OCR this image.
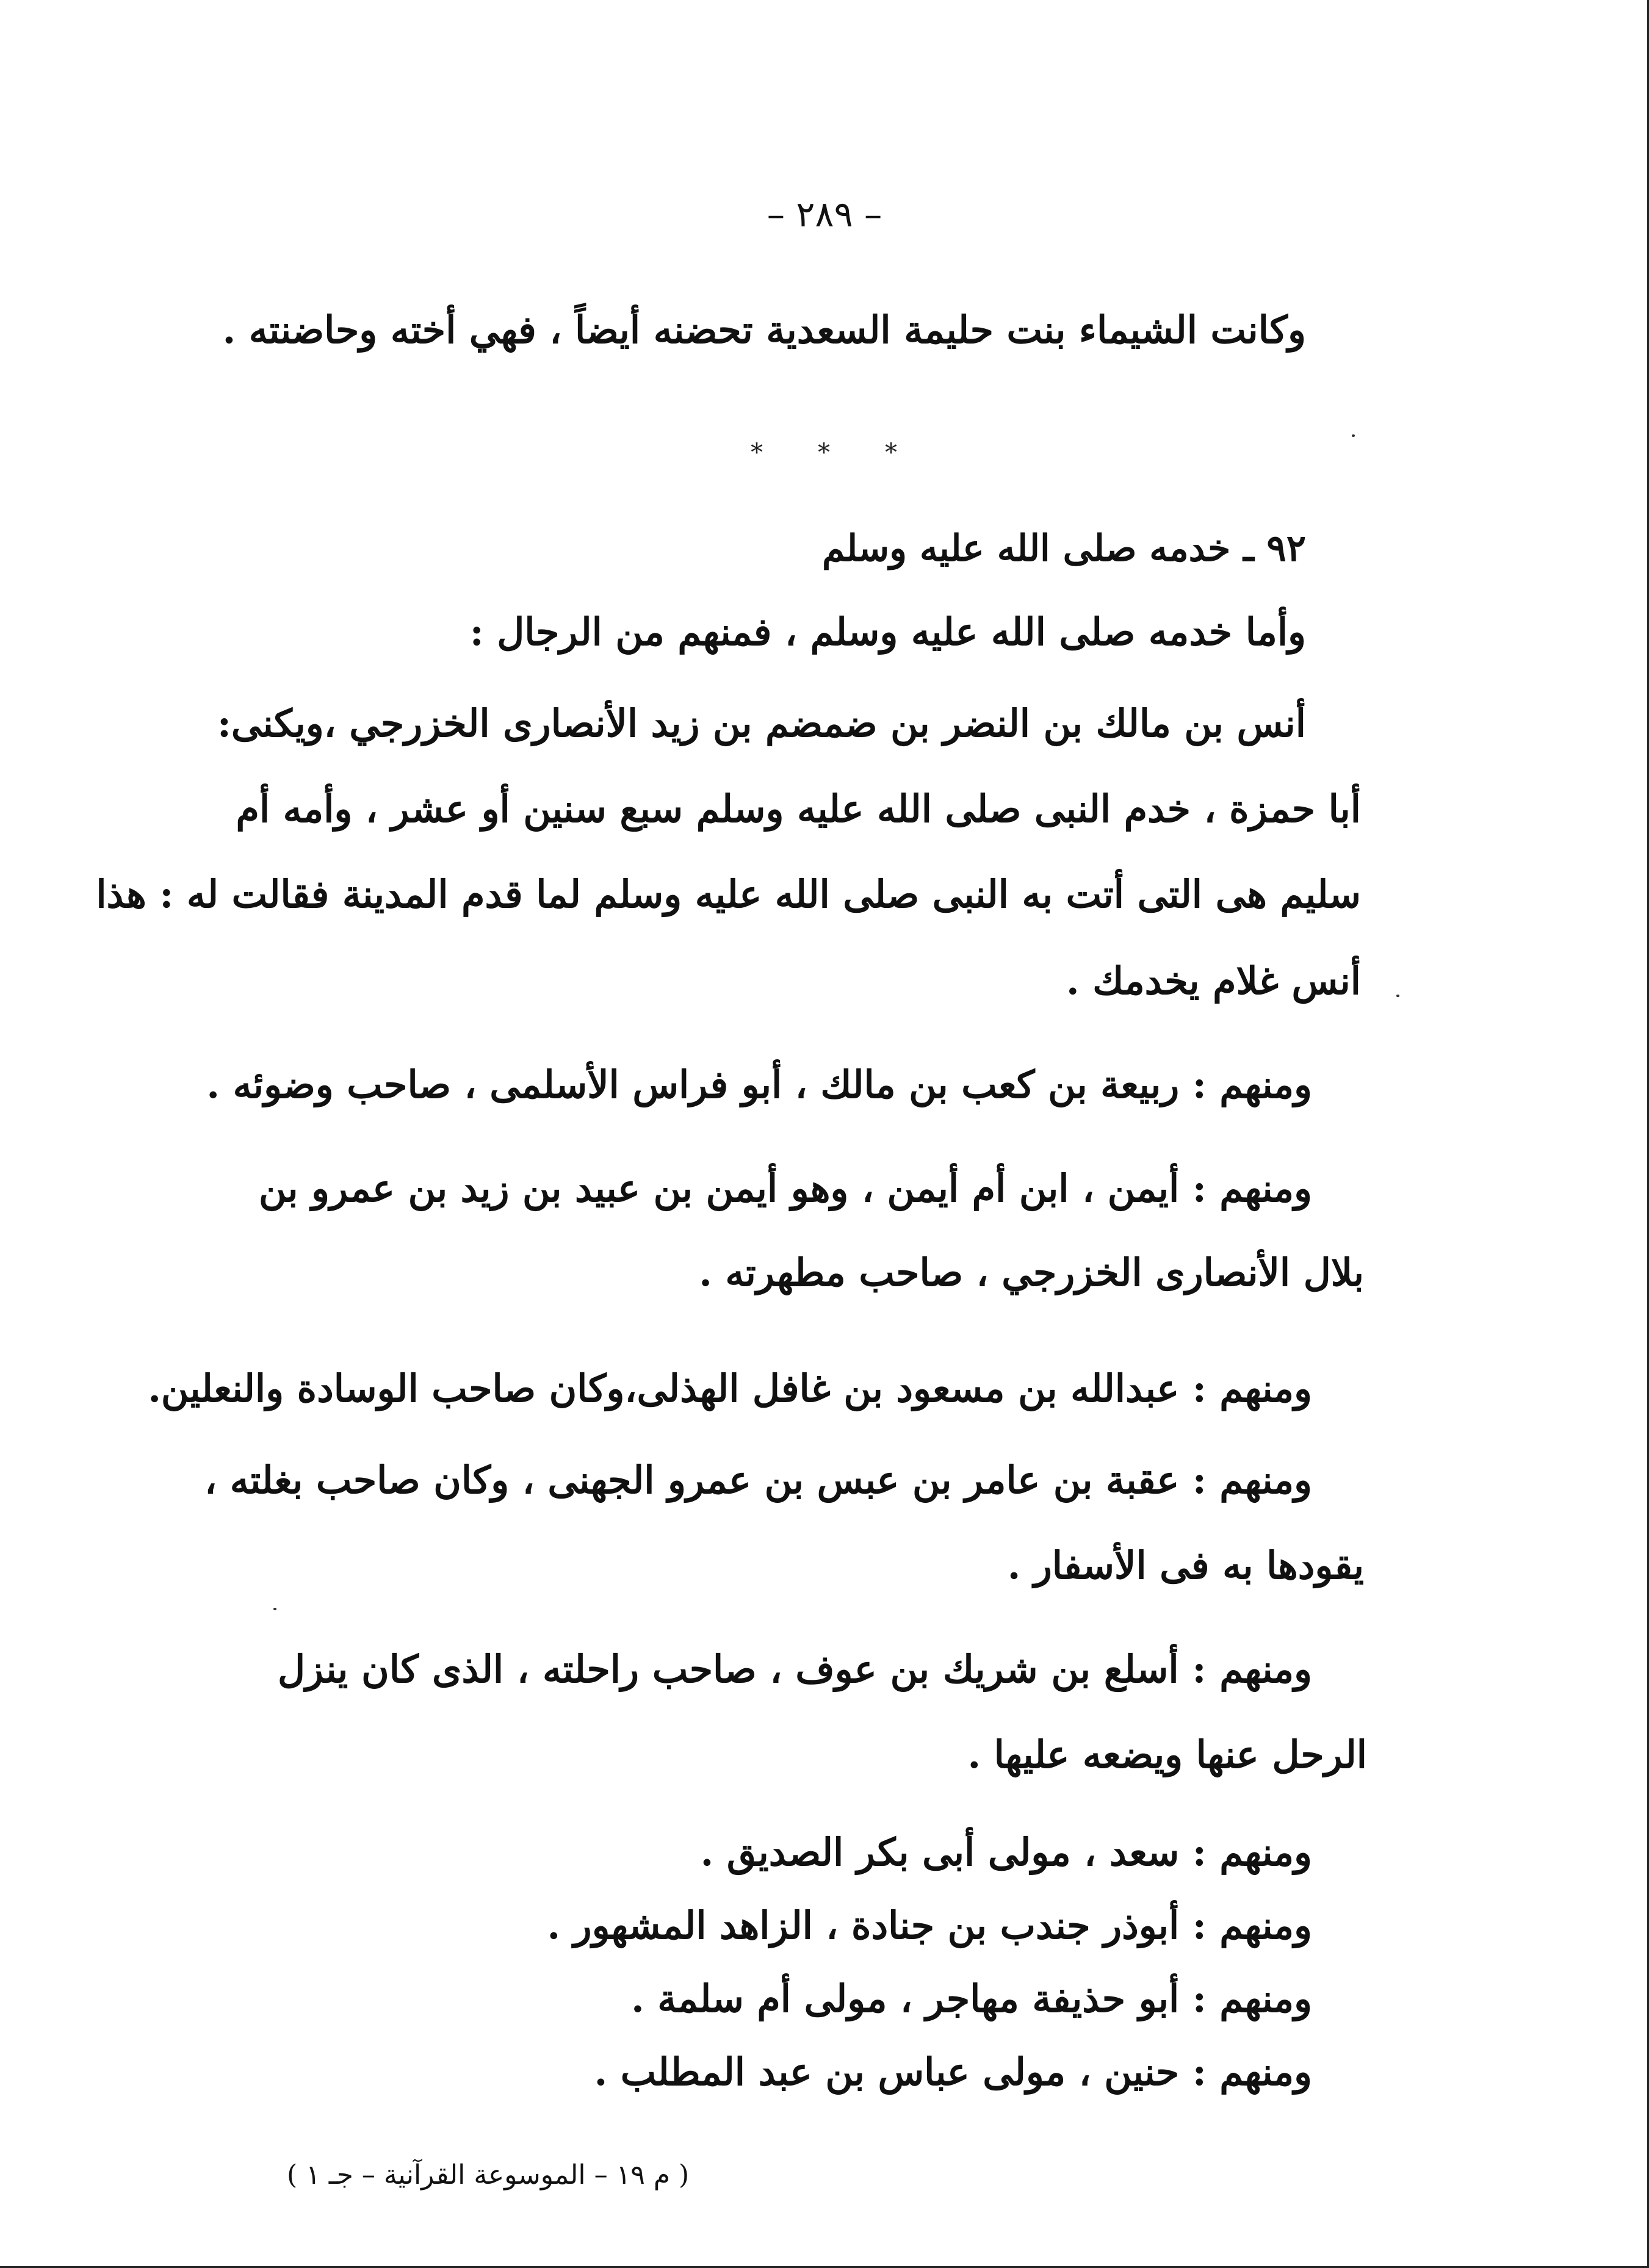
– ٢٨٩ –

وكانت الشيماء بنت حليمة السعدية تحضنه أيضاً ، فهي أخته وحاضنته .

* * *
٩٢ ـ خدمه صلى الله عليه وسلم

وأما خدمه صلى الله عليه وسلم ، فمنهم من الرجال :

أنس بن مالك بن النضر بن ضمضم بن زيد الأنصارى الخزرجي ،ويكنى:

أبا حمزة ، خدم النبى صلى الله عليه وسلم سبع سنين أو عشر ، وأمه أم

سليم هى التى أتت به النبى صلى الله عليه وسلم لما قدم المدينة فقالت له : هذا

أنس غلام يخدمك .

ومنهم : ربيعة بن كعب بن مالك ، أبو فراس الأسلمى ، صاحب وضوئه .

ومنهم : أيمن ، ابن أم أيمن ، وهو أيمن بن عبيد بن زيد بن عمرو بن

بلال الأنصارى الخزرجي ، صاحب مطهرته .

ومنهم : عبدالله بن مسعود بن غافل الهذلى،وكان صاحب الوسادة والنعلين.

ومنهم : عقبة بن عامر بن عبس بن عمرو الجهنى ، وكان صاحب بغلته ،

يقودها به فى الأسفار .

ومنهم : أسلع بن شريك بن عوف ، صاحب راحلته ، الذى كان ينزل

الرحل عنها ويضعه عليها .

ومنهم : سعد ، مولى أبى بكر الصديق .

ومنهم : أبوذر جندب بن جنادة ، الزاهد المشهور .

ومنهم : أبو حذيفة مهاجر ، مولى أم سلمة .

ومنهم : حنين ، مولى عباس بن عبد المطلب .

( م ١٩ – الموسوعة القرآنية – جـ ١ )
